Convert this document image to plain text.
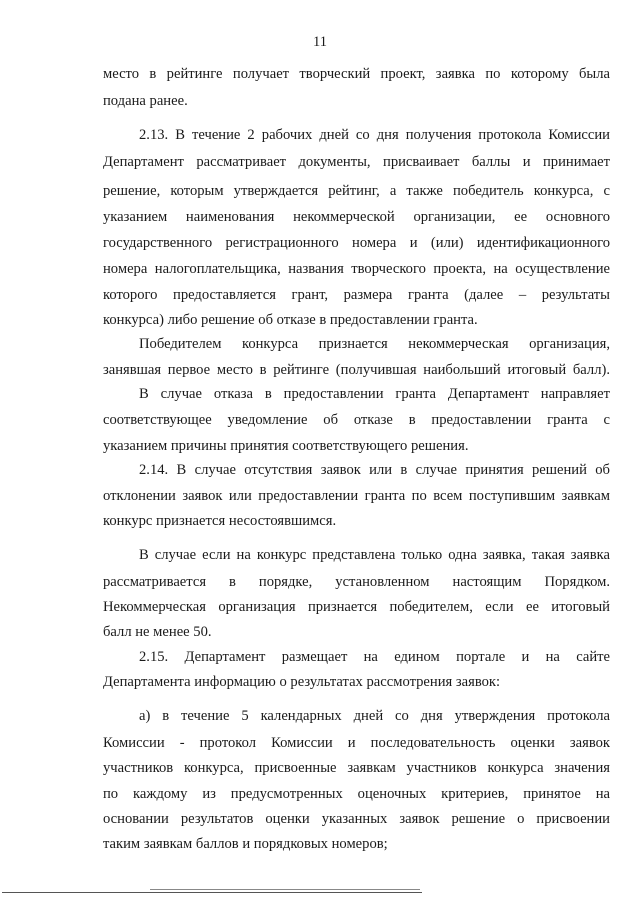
11
место в рейтинге получает творческий проект, заявка по которому была
подана ранее.
2.13. В течение 2 рабочих дней со дня получения протокола Комиссии
Департамент рассматривает документы, присваивает баллы и принимает
решение, которым утверждается рейтинг, а также победитель конкурса, с
указанием наименования некоммерческой организации, ее основного
государственного регистрационного номера и (или) идентификационного
номера налогоплательщика, названия творческого проекта, на осуществление
которого предоставляется грант, размера гранта (далее – результаты
конкурса) либо решение об отказе в предоставлении гранта.
Победителем конкурса признается некоммерческая организация,
занявшая первое место в рейтинге (получившая наибольший итоговый балл).
В случае отказа в предоставлении гранта Департамент направляет
соответствующее уведомление об отказе в предоставлении гранта с
указанием причины принятия соответствующего решения.
2.14. В случае отсутствия заявок или в случае принятия решений об
отклонении заявок или предоставлении гранта по всем поступившим заявкам
конкурс признается несостоявшимся.
В случае если на конкурс представлена только одна заявка, такая заявка
рассматривается в порядке, установленном настоящим Порядком.
Некоммерческая организация признается победителем, если ее итоговый
балл не менее 50.
2.15. Департамент размещает на едином портале и на сайте
Департамента информацию о результатах рассмотрения заявок:
а) в течение 5 календарных дней со дня утверждения протокола
Комиссии - протокол Комиссии и последовательность оценки заявок
участников конкурса, присвоенные заявкам участников конкурса значения
по каждому из предусмотренных оценочных критериев, принятое на
основании результатов оценки указанных заявок решение о присвоении
таким заявкам баллов и порядковых номеров;
